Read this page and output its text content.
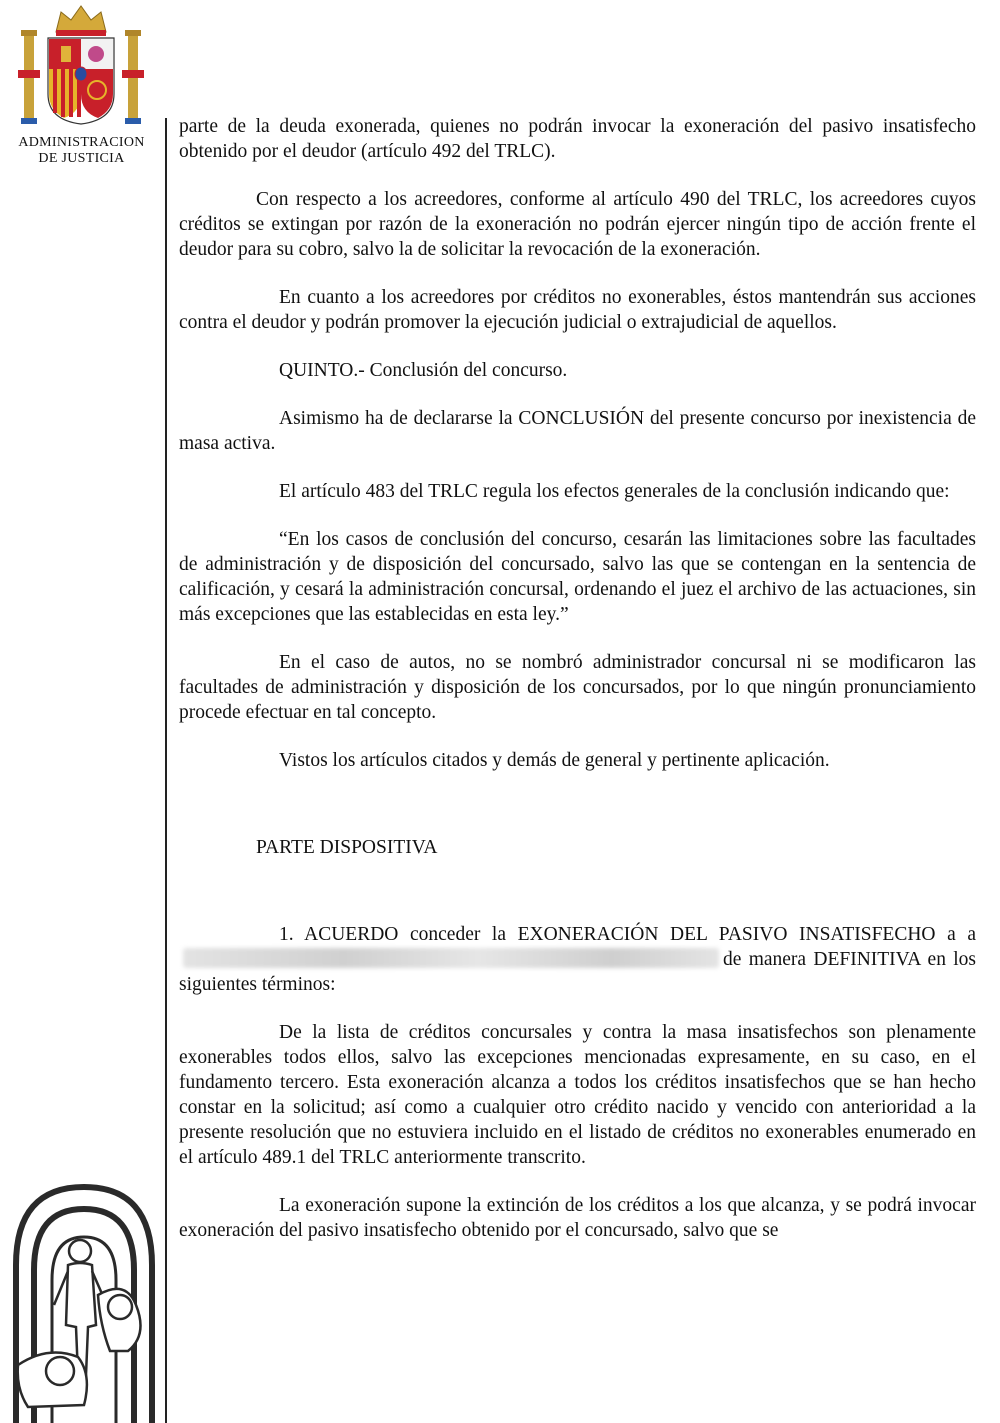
ADMINISTRACION
DE JUSTICIA

parte de la deuda exonerada, quienes no podrán invocar la exoneración del pasivo insatisfecho obtenido por el deudor (artículo 492 del TRLC).

Con respecto a los acreedores, conforme al artículo 490 del TRLC, los acreedores cuyos créditos se extingan por razón de la exoneración no podrán ejercer ningún tipo de acción frente el deudor para su cobro, salvo la de solicitar la revocación de la exoneración.

En cuanto a los acreedores por créditos no exonerables, éstos mantendrán sus acciones contra el deudor y podrán promover la ejecución judicial o extrajudicial de aquellos.

QUINTO.- Conclusión del concurso.

Asimismo ha de declararse la CONCLUSIÓN del presente concurso por inexistencia de masa activa.

El artículo 483 del TRLC regula los efectos generales de la conclusión indicando que:

“En los casos de conclusión del concurso, cesarán las limitaciones sobre las facultades de administración y de disposición del concursado, salvo las que se contengan en la sentencia de calificación, y cesará la administración concursal, ordenando el juez el archivo de las actuaciones, sin más excepciones que las establecidas en esta ley.”

En el caso de autos, no se nombró administrador concursal ni se modificaron las facultades de administración y disposición de los concursados, por lo que ningún pronunciamiento procede efectuar en tal concepto.

Vistos los artículos citados y demás de general y pertinente aplicación.

PARTE DISPOSITIVA

1. ACUERDO conceder la EXONERACIÓN DEL PASIVO INSATISFECHO a ade manera DEFINITIVA en los siguientes términos:

De la lista de créditos concursales y contra la masa insatisfechos son plenamente exonerables todos ellos, salvo las excepciones mencionadas expresamente, en su caso, en el fundamento tercero. Esta exoneración alcanza a todos los créditos insatisfechos que se han hecho constar en la solicitud; así como a cualquier otro crédito nacido y vencido con anterioridad a la presente resolución que no estuviera incluido en el listado de créditos no exonerables enumerado en el artículo 489.1 del TRLC anteriormente transcrito.

La exoneración supone la extinción de los créditos a los que alcanza, y se podrá invocar exoneración del pasivo insatisfecho obtenido por el concursado, salvo que se
